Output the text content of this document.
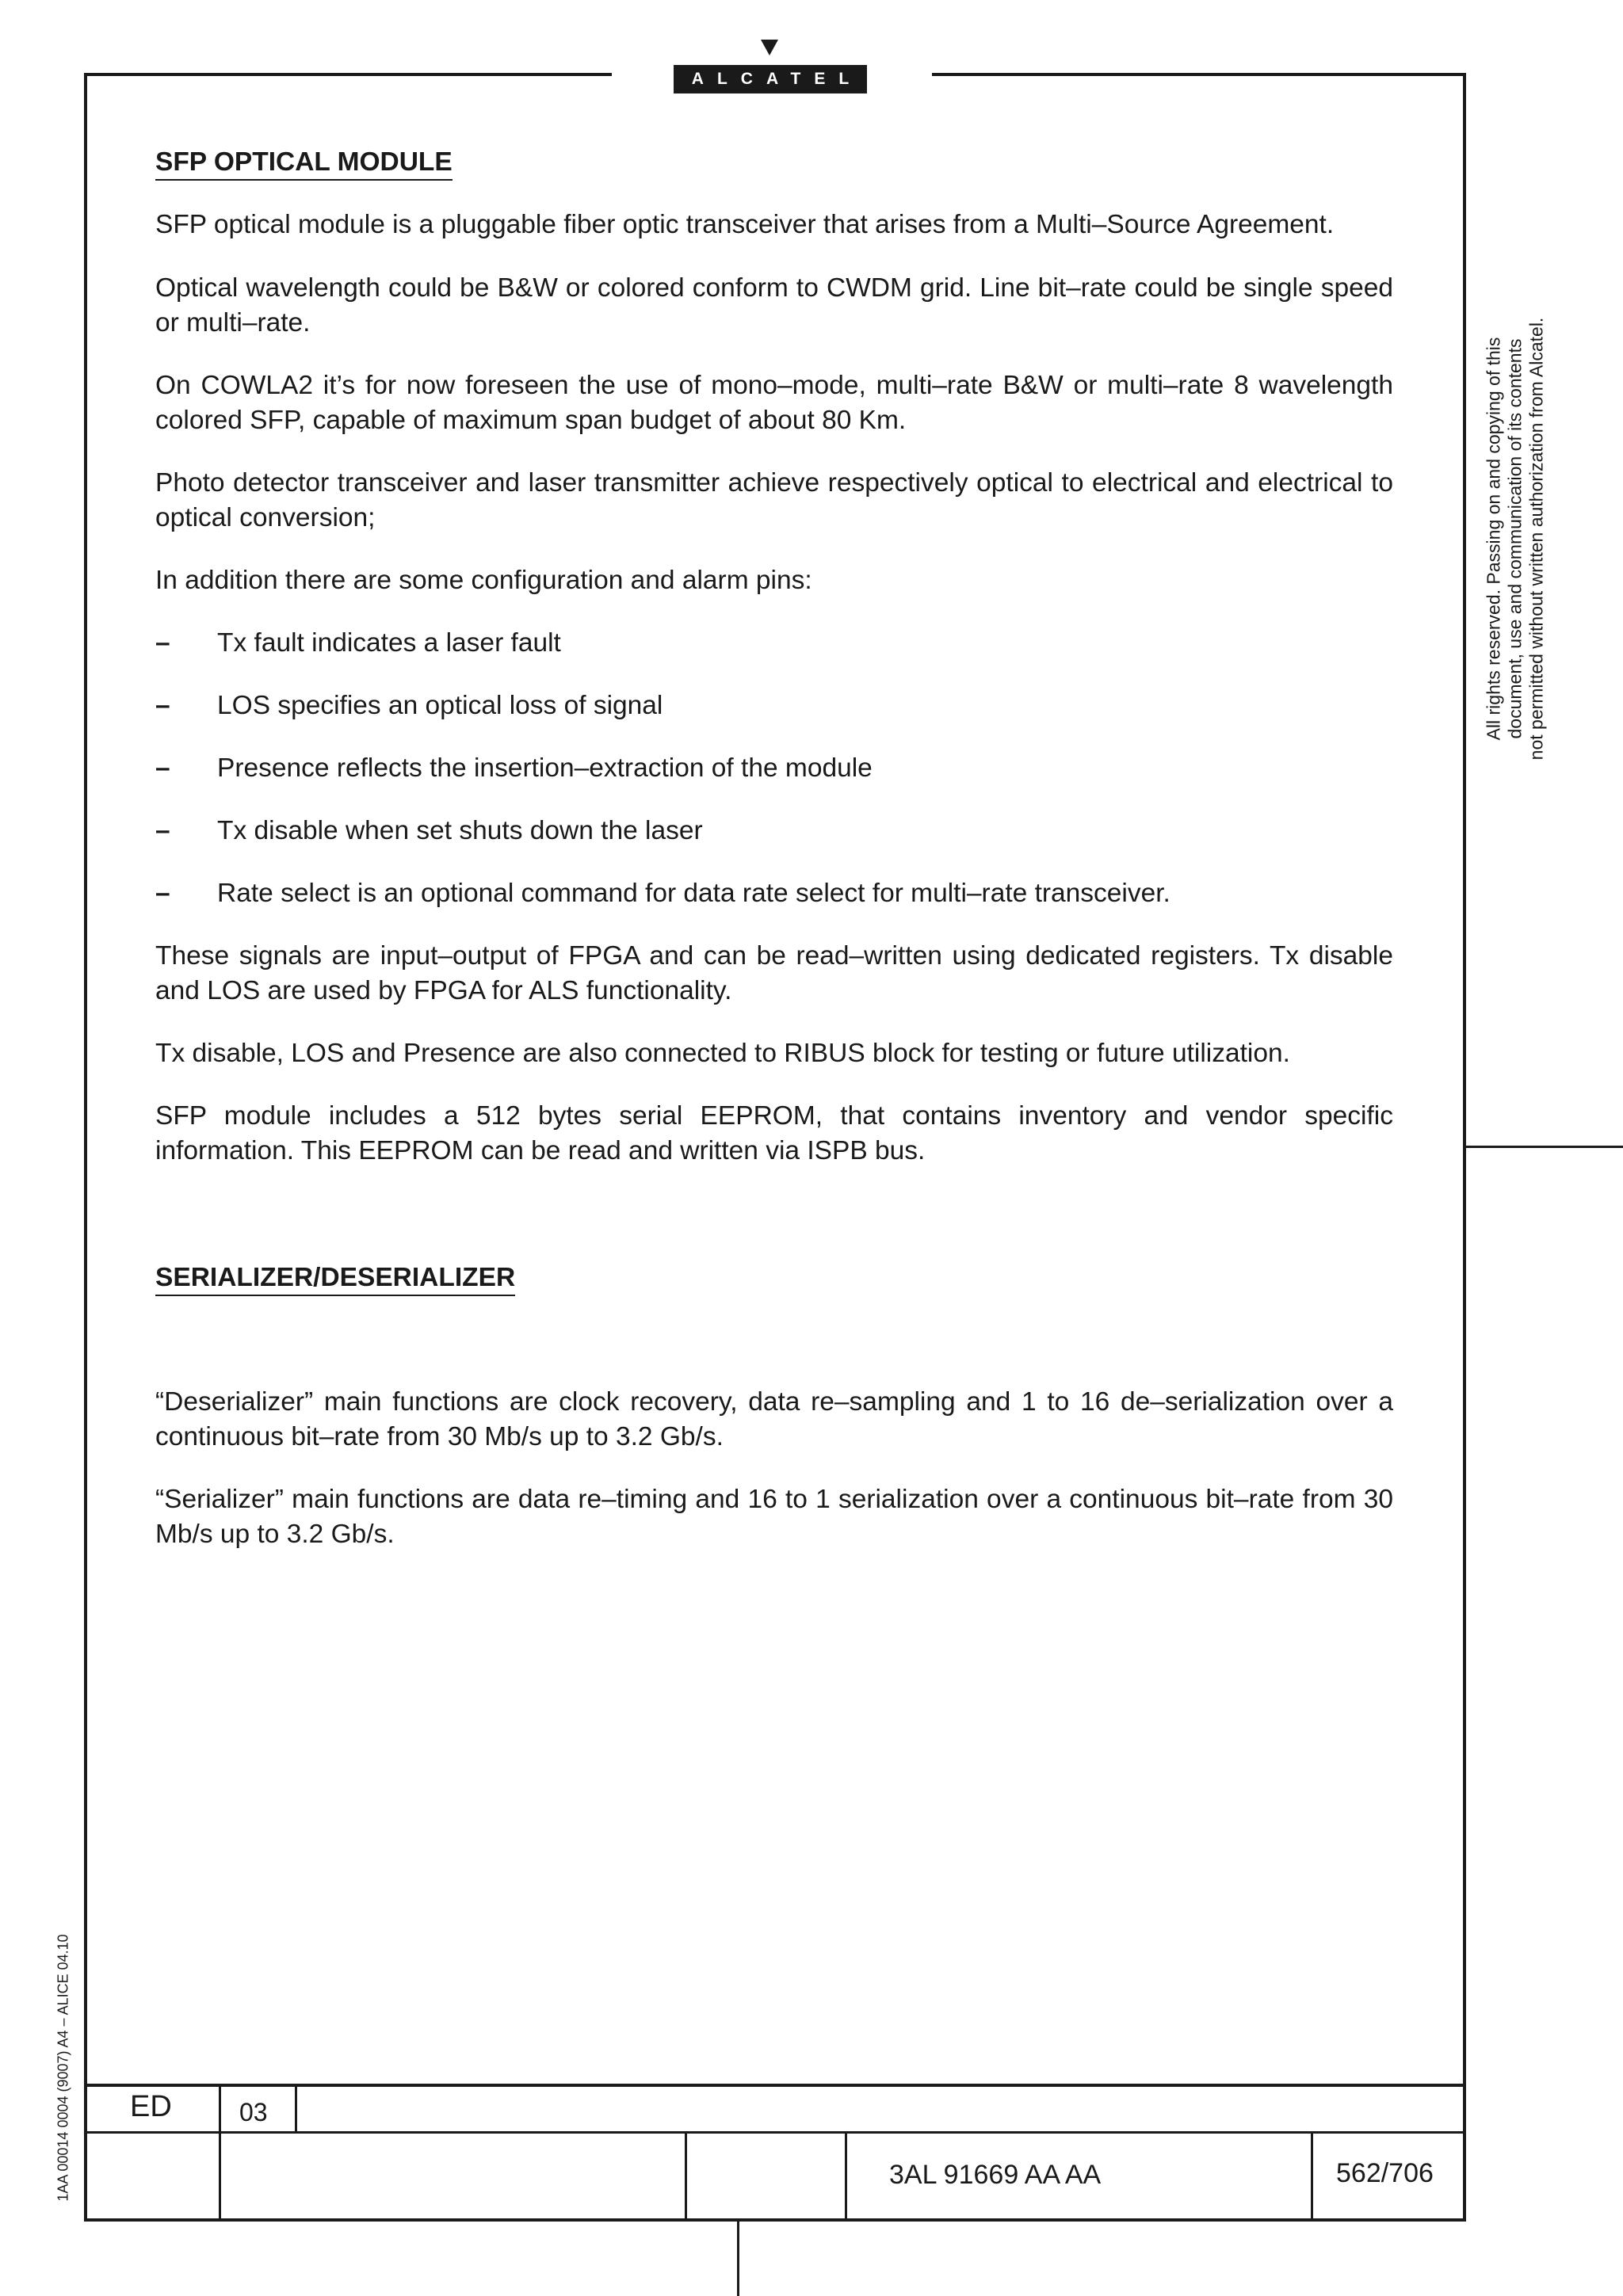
ALCATEL
SFP OPTICAL MODULE

SFP optical module is a pluggable fiber optic transceiver that arises from a Multi–Source Agreement.

Optical wavelength could be B&W or colored conform to CWDM grid. Line bit–rate could be single speed or multi–rate.

On COWLA2 it’s for now foreseen the use of mono–mode, multi–rate B&W or multi–rate 8 wavelength colored SFP, capable of maximum span budget of about 80 Km.

Photo detector transceiver and laser transmitter achieve respectively optical to electrical and electrical to optical conversion;

In addition there are some configuration and alarm pins:

–	Tx fault indicates a laser fault
–	LOS specifies an optical loss of signal
–	Presence reflects the insertion–extraction of the module
–	Tx disable when set shuts down the laser
–	Rate select is an optional command for data rate select for multi–rate transceiver.

These signals are input–output of FPGA and can be read–written using dedicated registers. Tx disable and LOS are used by FPGA for ALS functionality.

Tx disable, LOS and Presence are also connected to RIBUS block for testing or future utilization.

SFP module includes a 512 bytes serial EEPROM, that contains inventory and vendor specific information. This EEPROM can be read and written via ISPB bus.

SERIALIZER/DESERIALIZER

“Deserializer” main functions are clock recovery, data re–sampling and 1 to 16 de–serialization over a continuous bit–rate from 30 Mb/s up to 3.2 Gb/s.

“Serializer” main functions are data re–timing and 16 to 1 serialization over a continuous bit–rate from 30 Mb/s up to 3.2 Gb/s.

All rights reserved. Passing on and copying of this document, use and communication of its contents not permitted without written authorization from Alcatel.
1AA 00014 0004 (9007) A4 – ALICE 04.10 ED	03
3AL 91669 AA AA	562/706
